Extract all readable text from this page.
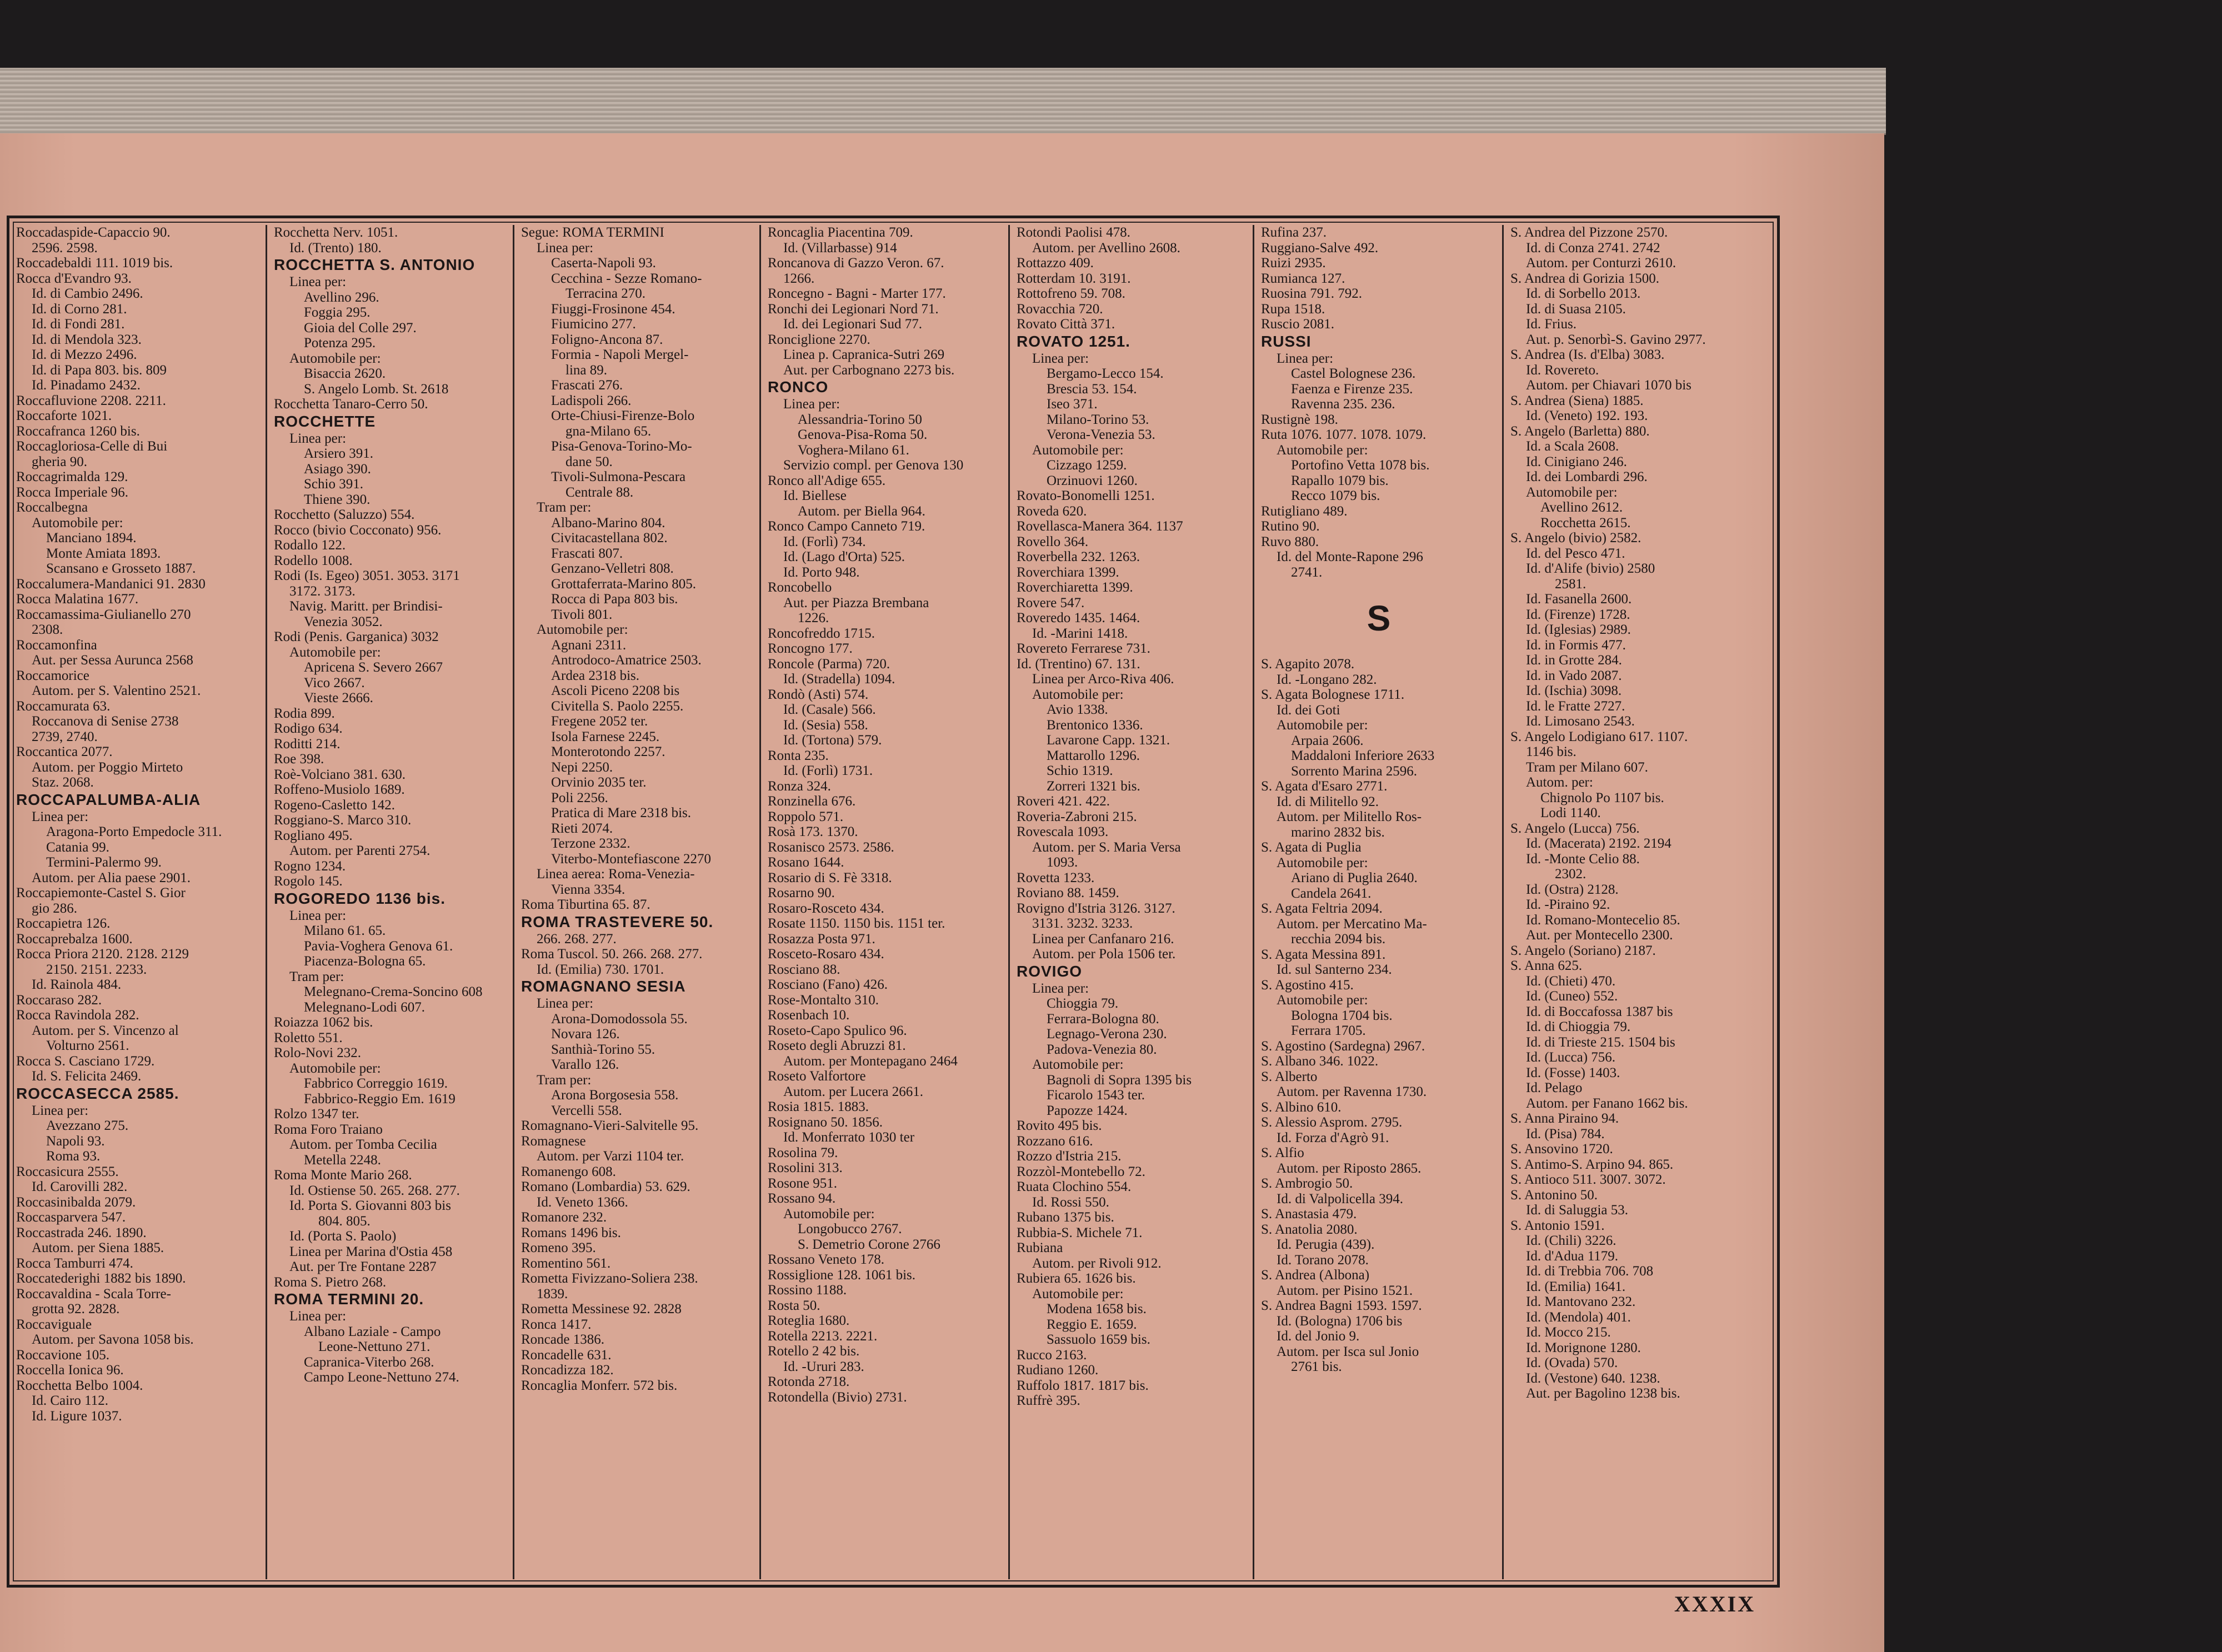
Roccadaspide-Capaccio 90.
2596. 2598.
Roccadebaldi 111. 1019 bis.
Rocca d'Evandro 93.
Id. di Cambio 2496.
Id. di Corno 281.
Id. di Fondi 281.
Id. di Mendola 323.
Id. di Mezzo 2496.
Id. di Papa 803. bis. 809
Id. Pinadamo 2432.
Roccafluvione 2208. 2211.
Roccaforte 1021.
Roccafranca 1260 bis.
Roccagloriosa-Celle di Bui
gheria 90.
Roccagrimalda 129.
Rocca Imperiale 96.
Roccalbegna
Automobile per:
Manciano 1894.
Monte Amiata 1893.
Scansano e Grosseto 1887.
Roccalumera-Mandanici 91. 2830
Rocca Malatina 1677.
Roccamassima-Giulianello 270
2308.
Roccamonfina
Aut. per Sessa Aurunca 2568
Roccamorice
Autom. per S. Valentino 2521.
Roccamurata 63.
Roccanova di Senise 2738
2739, 2740.
Roccantica 2077.
Autom. per Poggio Mirteto
Staz. 2068.
ROCCAPALUMBA-ALIA
Linea per:
Aragona-Porto Empedocle 311.
Catania 99.
Termini-Palermo 99.
Autom. per Alia paese 2901.
Roccapiemonte-Castel S. Gior
gio 286.
Roccapietra 126.
Roccaprebalza 1600.
Rocca Priora 2120. 2128. 2129
2150. 2151. 2233.
Id. Rainola 484.
Roccaraso 282.
Rocca Ravindola 282.
Autom. per S. Vincenzo al
Volturno 2561.
Rocca S. Casciano 1729.
Id. S. Felicita 2469.
ROCCASECCA 2585.
Linea per:
Avezzano 275.
Napoli 93.
Roma 93.
Roccasicura 2555.
Id. Carovilli 282.
Roccasinibalda 2079.
Roccasparvera 547.
Roccastrada 246. 1890.
Autom. per Siena 1885.
Rocca Tamburri 474.
Roccatederighi 1882 bis 1890.
Roccavaldina - Scala Torre-
grotta 92. 2828.
Roccaviguale
Autom. per Savona 1058 bis.
Roccavione 105.
Roccella Ionica 96.
Rocchetta Belbo 1004.
Id. Cairo 112.
Id. Ligure 1037.
Rocchetta Nerv. 1051.
Id. (Trento) 180.
ROCCHETTA S. ANTONIO
Linea per:
Avellino 296.
Foggia 295.
Gioia del Colle 297.
Potenza 295.
Automobile per:
Bisaccia 2620.
S. Angelo Lomb. St. 2618
Rocchetta Tanaro-Cerro 50.
ROCCHETTE
Linea per:
Arsiero 391.
Asiago 390.
Schio 391.
Thiene 390.
Rocchetto (Saluzzo) 554.
Rocco (bivio Cocconato) 956.
Rodallo 122.
Rodello 1008.
Rodi (Is. Egeo) 3051. 3053. 3171
3172. 3173.
Navig. Maritt. per Brindisi-
Venezia 3052.
Rodi (Penis. Garganica) 3032
Automobile per:
Apricena S. Severo 2667
Vico 2667.
Vieste 2666.
Rodia 899.
Rodigo 634.
Roditti 214.
Roe 398.
Roè-Volciano 381. 630.
Roffeno-Musiolo 1689.
Rogeno-Casletto 142.
Roggiano-S. Marco 310.
Rogliano 495.
Autom. per Parenti 2754.
Rogno 1234.
Rogolo 145.
ROGOREDO 1136 bis.
Linea per:
Milano 61. 65.
Pavia-Voghera Genova 61.
Piacenza-Bologna 65.
Tram per:
Melegnano-Crema-Soncino 608
Melegnano-Lodi 607.
Roiazza 1062 bis.
Roletto 551.
Rolo-Novi 232.
Automobile per:
Fabbrico Correggio 1619.
Fabbrico-Reggio Em. 1619
Rolzo 1347 ter.
Roma Foro Traiano
Autom. per Tomba Cecilia
Metella 2248.
Roma Monte Mario 268.
Id. Ostiense 50. 265. 268. 277.
Id. Porta S. Giovanni 803 bis
804. 805.
Id. (Porta S. Paolo)
Linea per Marina d'Ostia 458
Aut. per Tre Fontane 2287
Roma S. Pietro 268.
ROMA TERMINI 20.
Linea per:
Albano Laziale - Campo
Leone-Nettuno 271.
Capranica-Viterbo 268.
Campo Leone-Nettuno 274.
Segue: ROMA TERMINI
Linea per:
Caserta-Napoli 93.
Cecchina - Sezze Romano-
Terracina 270.
Fiuggi-Frosinone 454.
Fiumicino 277.
Foligno-Ancona 87.
Formia - Napoli Mergel-
lina 89.
Frascati 276.
Ladispoli 266.
Orte-Chiusi-Firenze-Bolo
gna-Milano 65.
Pisa-Genova-Torino-Mo-
dane 50.
Tivoli-Sulmona-Pescara
Centrale 88.
Tram per:
Albano-Marino 804.
Civitacastellana 802.
Frascati 807.
Genzano-Velletri 808.
Grottaferrata-Marino 805.
Rocca di Papa 803 bis.
Tivoli 801.
Automobile per:
Agnani 2311.
Antrodoco-Amatrice 2503.
Ardea 2318 bis.
Ascoli Piceno 2208 bis
Civitella S. Paolo 2255.
Fregene 2052 ter.
Isola Farnese 2245.
Monterotondo 2257.
Nepi 2250.
Orvinio 2035 ter.
Poli 2256.
Pratica di Mare 2318 bis.
Rieti 2074.
Terzone 2332.
Viterbo-Montefiascone 2270
Linea aerea: Roma-Venezia-
Vienna 3354.
Roma Tiburtina 65. 87.
ROMA TRASTEVERE 50.
266. 268. 277.
Roma Tuscol. 50. 266. 268. 277.
Id. (Emilia) 730. 1701.
ROMAGNANO SESIA
Linea per:
Arona-Domodossola 55.
Novara 126.
Santhià-Torino 55.
Varallo 126.
Tram per:
Arona Borgosesia 558.
Vercelli 558.
Romagnano-Vieri-Salvitelle 95.
Romagnese
Autom. per Varzi 1104 ter.
Romanengo 608.
Romano (Lombardia) 53. 629.
Id. Veneto 1366.
Romanore 232.
Romans 1496 bis.
Romeno 395.
Romentino 561.
Rometta Fivizzano-Soliera 238.
1839.
Rometta Messinese 92. 2828
Ronca 1417.
Roncade 1386.
Roncadelle 631.
Roncadizza 182.
Roncaglia Monferr. 572 bis.
Roncaglia Piacentina 709.
Id. (Villarbasse) 914
Roncanova di Gazzo Veron. 67.
1266.
Roncegno - Bagni - Marter 177.
Ronchi dei Legionari Nord 71.
Id. dei Legionari Sud 77.
Ronciglione 2270.
Linea p. Capranica-Sutri 269
Aut. per Carbognano 2273 bis.
RONCO
Linea per:
Alessandria-Torino 50
Genova-Pisa-Roma 50.
Voghera-Milano 61.
Servizio compl. per Genova 130
Ronco all'Adige 655.
Id. Biellese
Autom. per Biella 964.
Ronco Campo Canneto 719.
Id. (Forlì) 734.
Id. (Lago d'Orta) 525.
Id. Porto 948.
Roncobello
Aut. per Piazza Brembana
1226.
Roncofreddo 1715.
Roncogno 177.
Roncole (Parma) 720.
Id. (Stradella) 1094.
Rondò (Asti) 574.
Id. (Casale) 566.
Id. (Sesia) 558.
Id. (Tortona) 579.
Ronta 235.
Id. (Forlì) 1731.
Ronza 324.
Ronzinella 676.
Roppolo 571.
Rosà 173. 1370.
Rosanisco 2573. 2586.
Rosano 1644.
Rosario di S. Fè 3318.
Rosarno 90.
Rosaro-Rosceto 434.
Rosate 1150. 1150 bis. 1151 ter.
Rosazza Posta 971.
Rosceto-Rosaro 434.
Rosciano 88.
Rosciano (Fano) 426.
Rose-Montalto 310.
Rosenbach 10.
Roseto-Capo Spulico 96.
Roseto degli Abruzzi 81.
Autom. per Montepagano 2464
Roseto Valfortore
Autom. per Lucera 2661.
Rosia 1815. 1883.
Rosignano 50. 1856.
Id. Monferrato 1030 ter
Rosolina 79.
Rosolini 313.
Rosone 951.
Rossano 94.
Automobile per:
Longobucco 2767.
S. Demetrio Corone 2766
Rossano Veneto 178.
Rossiglione 128. 1061 bis.
Rossino 1188.
Rosta 50.
Roteglia 1680.
Rotella 2213. 2221.
Rotello 2 42 bis.
Id. -Ururi 283.
Rotonda 2718.
Rotondella (Bivio) 2731.
Rotondi Paolisi 478.
Autom. per Avellino 2608.
Rottazzo 409.
Rotterdam 10. 3191.
Rottofreno 59. 708.
Rovacchia 720.
Rovato Città 371.
ROVATO 1251.
Linea per:
Bergamo-Lecco 154.
Brescia 53. 154.
Iseo 371.
Milano-Torino 53.
Verona-Venezia 53.
Automobile per:
Cizzago 1259.
Orzinuovi 1260.
Rovato-Bonomelli 1251.
Roveda 620.
Rovellasca-Manera 364. 1137
Rovello 364.
Roverbella 232. 1263.
Roverchiara 1399.
Roverchiaretta 1399.
Rovere 547.
Roveredo 1435. 1464.
Id. -Marini 1418.
Rovereto Ferrarese 731.
Id. (Trentino) 67. 131.
Linea per Arco-Riva 406.
Automobile per:
Avio 1338.
Brentonico 1336.
Lavarone Capp. 1321.
Mattarollo 1296.
Schio 1319.
Zorreri 1321 bis.
Roveri 421. 422.
Roveria-Zabroni 215.
Rovescala 1093.
Autom. per S. Maria Versa
1093.
Rovetta 1233.
Roviano 88. 1459.
Rovigno d'Istria 3126. 3127.
3131. 3232. 3233.
Linea per Canfanaro 216.
Autom. per Pola 1506 ter.
ROVIGO
Linea per:
Chioggia 79.
Ferrara-Bologna 80.
Legnago-Verona 230.
Padova-Venezia 80.
Automobile per:
Bagnoli di Sopra 1395 bis
Ficarolo 1543 ter.
Papozze 1424.
Rovito 495 bis.
Rozzano 616.
Rozzo d'Istria 215.
Rozzòl-Montebello 72.
Ruata Clochino 554.
Id. Rossi 550.
Rubano 1375 bis.
Rubbia-S. Michele 71.
Rubiana
Autom. per Rivoli 912.
Rubiera 65. 1626 bis.
Automobile per:
Modena 1658 bis.
Reggio E. 1659.
Sassuolo 1659 bis.
Rucco 2163.
Rudiano 1260.
Ruffolo 1817. 1817 bis.
Ruffrè 395.
Rufina 237.
Ruggiano-Salve 492.
Ruizi 2935.
Rumianca 127.
Ruosina 791. 792.
Rupa 1518.
Ruscio 2081.
RUSSI
Linea per:
Castel Bolognese 236.
Faenza e Firenze 235.
Ravenna 235. 236.
Rustignè 198.
Ruta 1076. 1077. 1078. 1079.
Automobile per:
Portofino Vetta 1078 bis.
Rapallo 1079 bis.
Recco 1079 bis.
Rutigliano 489.
Rutino 90.
Ruvo 880.
Id. del Monte-Rapone 296
2741.
S
S. Agapito 2078.
Id. -Longano 282.
S. Agata Bolognese 1711.
Id. dei Goti
Automobile per:
Arpaia 2606.
Maddaloni Inferiore 2633
Sorrento Marina 2596.
S. Agata d'Esaro 2771.
Id. di Militello 92.
Autom. per Militello Ros-
marino 2832 bis.
S. Agata di Puglia
Automobile per:
Ariano di Puglia 2640.
Candela 2641.
S. Agata Feltria 2094.
Autom. per Mercatino Ma-
recchia 2094 bis.
S. Agata Messina 891.
Id. sul Santerno 234.
S. Agostino 415.
Automobile per:
Bologna 1704 bis.
Ferrara 1705.
S. Agostino (Sardegna) 2967.
S. Albano 346. 1022.
S. Alberto
Autom. per Ravenna 1730.
S. Albino 610.
S. Alessio Asprom. 2795.
Id. Forza d'Agrò 91.
S. Alfio
Autom. per Riposto 2865.
S. Ambrogio 50.
Id. di Valpolicella 394.
S. Anastasia 479.
S. Anatolia 2080.
Id. Perugia (439).
Id. Torano 2078.
S. Andrea (Albona)
Autom. per Pisino 1521.
S. Andrea Bagni 1593. 1597.
Id. (Bologna) 1706 bis
Id. del Jonio 9.
Autom. per Isca sul Jonio
2761 bis.
S. Andrea del Pizzone 2570.
Id. di Conza 2741. 2742
Autom. per Conturzi 2610.
S. Andrea di Gorizia 1500.
Id. di Sorbello 2013.
Id. di Suasa 2105.
Id. Frius.
Aut. p. Senorbì-S. Gavino 2977.
S. Andrea (Is. d'Elba) 3083.
Id. Rovereto.
Autom. per Chiavari 1070 bis
S. Andrea (Siena) 1885.
Id. (Veneto) 192. 193.
S. Angelo (Barletta) 880.
Id. a Scala 2608.
Id. Cinigiano 246.
Id. dei Lombardi 296.
Automobile per:
Avellino 2612.
Rocchetta 2615.
S. Angelo (bivio) 2582.
Id. del Pesco 471.
Id. d'Alife (bivio) 2580
2581.
Id. Fasanella 2600.
Id. (Firenze) 1728.
Id. (Iglesias) 2989.
Id. in Formis 477.
Id. in Grotte 284.
Id. in Vado 2087.
Id. (Ischia) 3098.
Id. le Fratte 2727.
Id. Limosano 2543.
S. Angelo Lodigiano 617. 1107.
1146 bis.
Tram per Milano 607.
Autom. per:
Chignolo Po 1107 bis.
Lodi 1140.
S. Angelo (Lucca) 756.
Id. (Macerata) 2192. 2194
Id. -Monte Celio 88.
2302.
Id. (Ostra) 2128.
Id. -Piraino 92.
Id. Romano-Montecelio 85.
Aut. per Montecello 2300.
S. Angelo (Soriano) 2187.
S. Anna 625.
Id. (Chieti) 470.
Id. (Cuneo) 552.
Id. di Boccafossa 1387 bis
Id. di Chioggia 79.
Id. di Trieste 215. 1504 bis
Id. (Lucca) 756.
Id. (Fosse) 1403.
Id. Pelago
Autom. per Fanano 1662 bis.
S. Anna Piraino 94.
Id. (Pisa) 784.
S. Ansovino 1720.
S. Antimo-S. Arpino 94. 865.
S. Antioco 511. 3007. 3072.
S. Antonino 50.
Id. di Saluggia 53.
S. Antonio 1591.
Id. (Chili) 3226.
Id. d'Adua 1179.
Id. di Trebbia 706. 708
Id. (Emilia) 1641.
Id. Mantovano 232.
Id. (Mendola) 401.
Id. Mocco 215.
Id. Morignone 1280.
Id. (Ovada) 570.
Id. (Vestone) 640. 1238.
Aut. per Bagolino 1238 bis.
XXXIX
